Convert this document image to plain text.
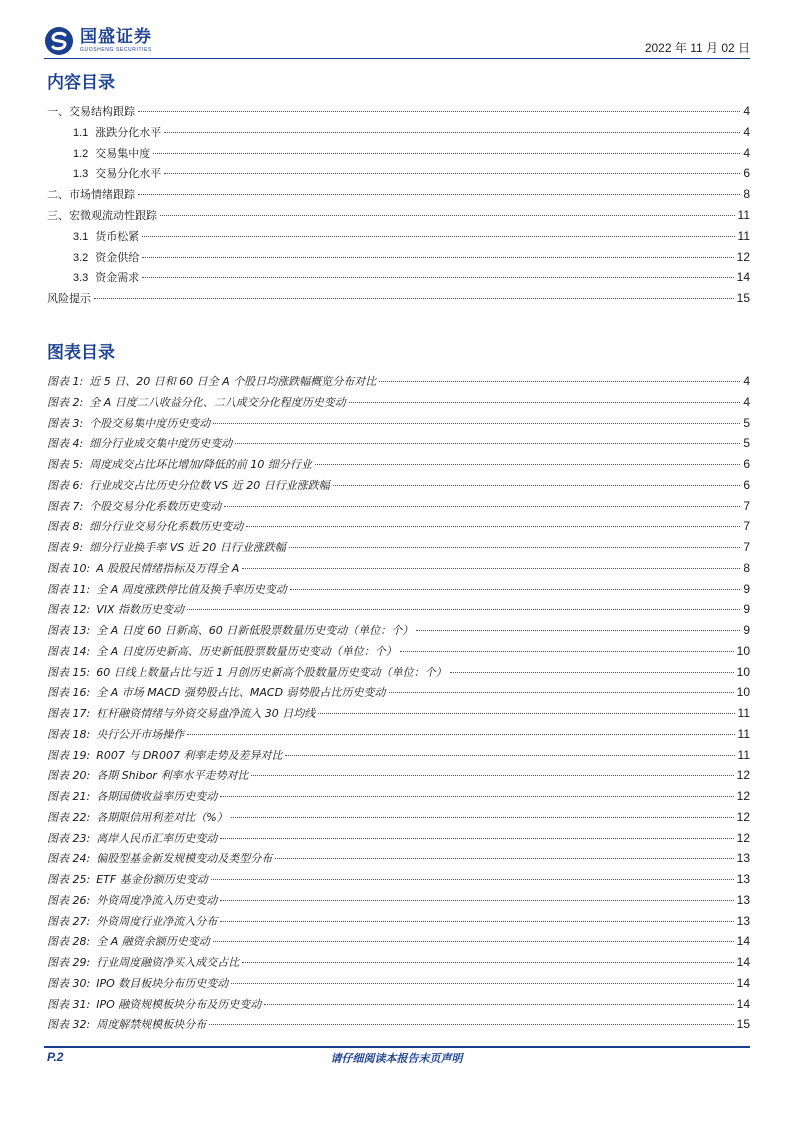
国盛证券
GUOSHENG SECURITIES	2022 年 11 月 02 日
内容目录
一、交易结构跟踪	4
1.1 涨跌分化水平	4
1.2 交易集中度	4
1.3 交易分化水平	6
二、市场情绪跟踪	8
三、宏微观流动性跟踪	11
3.1 货币松紧	11
3.2 资金供给	12
3.3 资金需求	14
风险提示	15
图表目录
图表 1: 近 5 日、20 日和 60 日全 A 个股日均涨跌幅概览分布对比	4
图表 2: 全 A 日度二八收益分化、二八成交分化程度历史变动	4
图表 3: 个股交易集中度历史变动	5
图表 4: 细分行业成交集中度历史变动	5
图表 5: 周度成交占比环比增加/降低的前 10 细分行业	6
图表 6: 行业成交占比历史分位数 VS 近 20 日行业涨跌幅	6
图表 7: 个股交易分化系数历史变动	7
图表 8: 细分行业交易分化系数历史变动	7
图表 9: 细分行业换手率 VS 近 20 日行业涨跌幅	7
图表 10: A 股股民情绪指标及万得全 A	8
图表 11: 全 A 周度涨跌停比值及换手率历史变动	9
图表 12: VIX 指数历史变动	9
图表 13: 全 A 日度 60 日新高、60 日新低股票数量历史变动（单位：个）	9
图表 14: 全 A 日度历史新高、历史新低股票数量历史变动（单位：个）	10
图表 15: 60 日线上数量占比与近 1 月创历史新高个股数量历史变动（单位：个）	10
图表 16: 全 A 市场 MACD 强势股占比、MACD 弱势股占比历史变动	10
图表 17: 杠杆融资情绪与外资交易盘净流入 30 日均线	11
图表 18: 央行公开市场操作	11
图表 19: R007 与 DR007 利率走势及差异对比	11
图表 20: 各期 Shibor 利率水平走势对比	12
图表 21: 各期国债收益率历史变动	12
图表 22: 各期限信用利差对比（%）	12
图表 23: 离岸人民币汇率历史变动	12
图表 24: 偏股型基金新发规模变动及类型分布	13
图表 25: ETF 基金份额历史变动	13
图表 26: 外资周度净流入历史变动	13
图表 27: 外资周度行业净流入分布	13
图表 28: 全 A 融资余额历史变动	14
图表 29: 行业周度融资净买入成交占比	14
图表 30: IPO 数目板块分布历史变动	14
图表 31: IPO 融资规模板块分布及历史变动	14
图表 32: 周度解禁规模板块分布	15
P.2	请仔细阅读本报告末页声明
